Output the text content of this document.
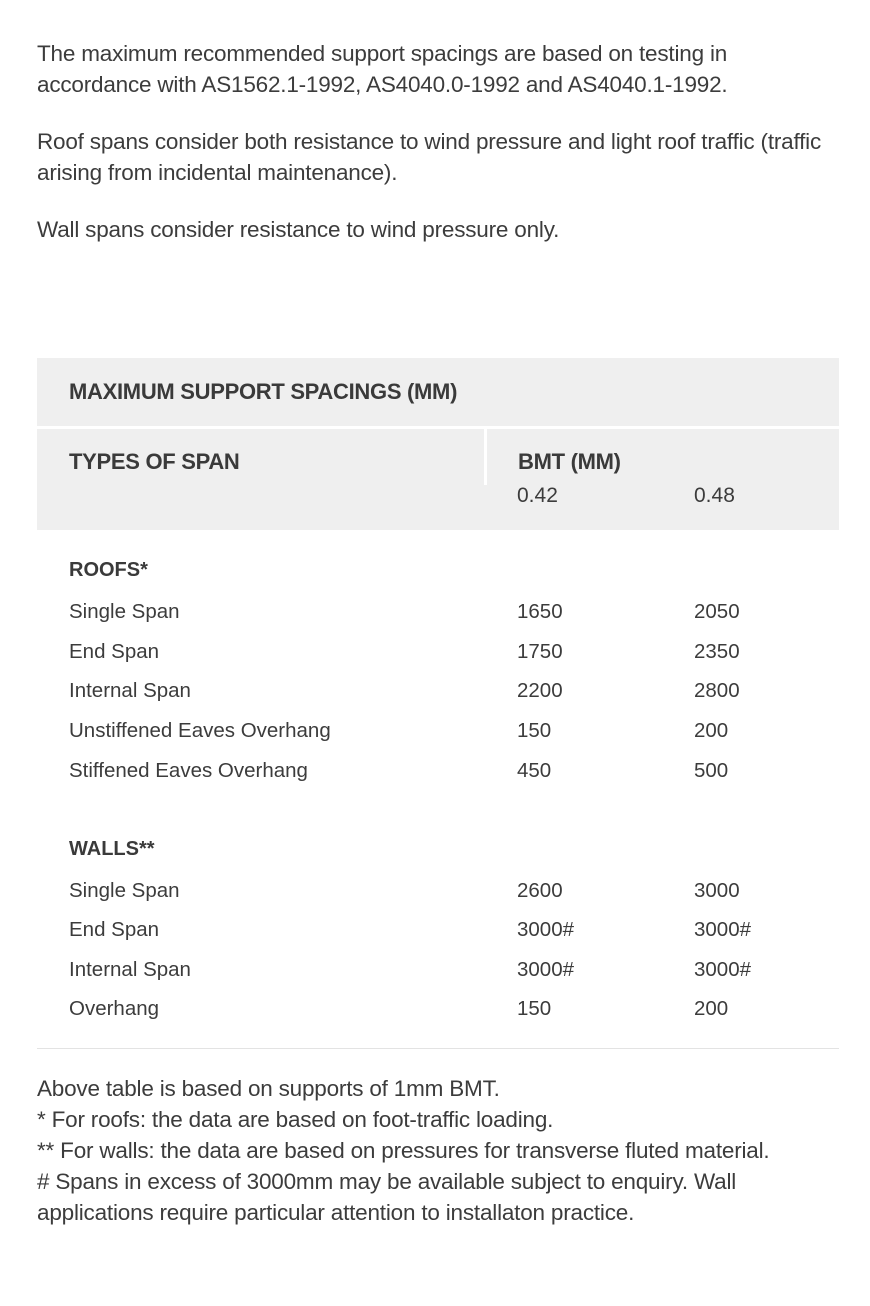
The maximum recommended support spacings are based on testing in accordance with AS1562.1-1992, AS4040.0-1992 and AS4040.1-1992.

Roof spans consider both resistance to wind pressure and light roof traffic (traffic arising from incidental maintenance).

Wall spans consider resistance to wind pressure only.

MAXIMUM SUPPORT SPACINGS (MM)
TYPES OF SPAN	BMT (MM)
0.42	0.48
ROOFS*
Single Span	1650	2050
End Span	1750	2350
Internal Span	2200	2800
Unstiffened Eaves Overhang	150	200
Stiffened Eaves Overhang	450	500
WALLS**
Single Span	2600	3000
End Span	3000#	3000#
Internal Span	3000#	3000#
Overhang	150	200
Above table is based on supports of 1mm BMT.
* For roofs: the data are based on foot-traffic loading.
** For walls: the data are based on pressures for transverse fluted material.
# Spans in excess of 3000mm may be available subject to enquiry. Wall applications require particular attention to installaton practice.
